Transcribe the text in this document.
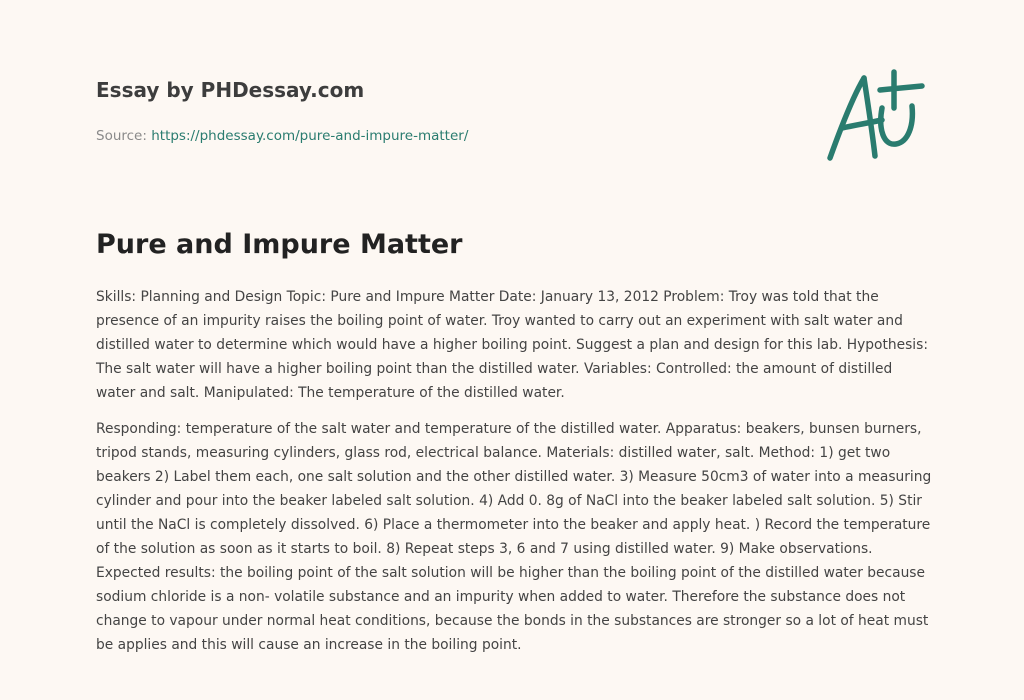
Essay by PHDessay.com
Source: https://phdessay.com/pure-and-impure-matter/
Pure and Impure Matter

Skills: Planning and Design Topic: Pure and Impure Matter Date: January 13, 2012 Problem: Troy was told that the presence of an impurity raises the boiling point of water. Troy wanted to carry out an experiment with salt water and distilled water to determine which would have a higher boiling point. Suggest a plan and design for this lab. Hypothesis: The salt water will have a higher boiling point than the distilled water. Variables: Controlled: the amount of distilled water and salt. Manipulated: The temperature of the distilled water.

Responding: temperature of the salt water and temperature of the distilled water. Apparatus: beakers, bunsen burners, tripod stands, measuring cylinders, glass rod, electrical balance. Materials: distilled water, salt. Method: 1) get two beakers 2) Label them each, one salt solution and the other distilled water. 3) Measure 50cm3 of water into a measuring cylinder and pour into the beaker labeled salt solution. 4) Add 0. 8g of NaCl into the beaker labeled salt solution. 5) Stir until the NaCl is completely dissolved. 6) Place a thermometer into the beaker and apply heat. ) Record the temperature of the solution as soon as it starts to boil. 8) Repeat steps 3, 6 and 7 using distilled water. 9) Make observations. Expected results: the boiling point of the salt solution will be higher than the boiling point of the distilled water because sodium chloride is a non- volatile substance and an impurity when added to water. Therefore the substance does not change to vapour under normal heat conditions, because the bonds in the substances are stronger so a lot of heat must be applies and this will cause an increase in the boiling point.
